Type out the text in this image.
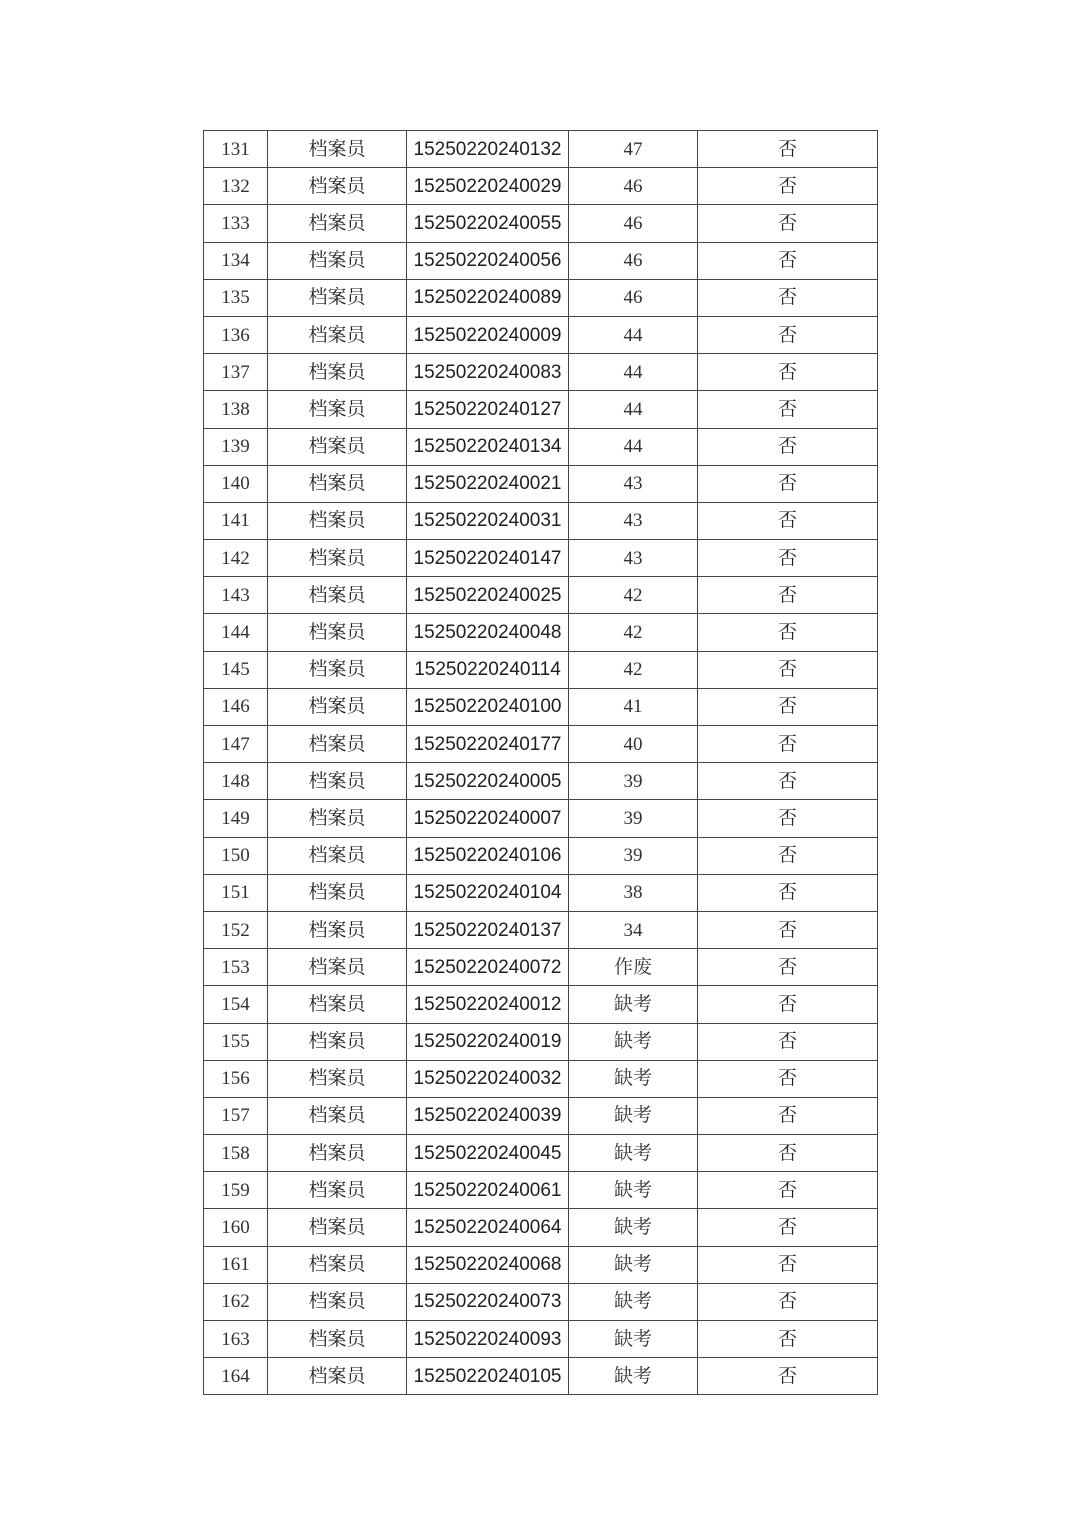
131	档案员	15250220240132	47	否
132	档案员	15250220240029	46	否
133	档案员	15250220240055	46	否
134	档案员	15250220240056	46	否
135	档案员	15250220240089	46	否
136	档案员	15250220240009	44	否
137	档案员	15250220240083	44	否
138	档案员	15250220240127	44	否
139	档案员	15250220240134	44	否
140	档案员	15250220240021	43	否
141	档案员	15250220240031	43	否
142	档案员	15250220240147	43	否
143	档案员	15250220240025	42	否
144	档案员	15250220240048	42	否
145	档案员	15250220240114	42	否
146	档案员	15250220240100	41	否
147	档案员	15250220240177	40	否
148	档案员	15250220240005	39	否
149	档案员	15250220240007	39	否
150	档案员	15250220240106	39	否
151	档案员	15250220240104	38	否
152	档案员	15250220240137	34	否
153	档案员	15250220240072	作废	否
154	档案员	15250220240012	缺考	否
155	档案员	15250220240019	缺考	否
156	档案员	15250220240032	缺考	否
157	档案员	15250220240039	缺考	否
158	档案员	15250220240045	缺考	否
159	档案员	15250220240061	缺考	否
160	档案员	15250220240064	缺考	否
161	档案员	15250220240068	缺考	否
162	档案员	15250220240073	缺考	否
163	档案员	15250220240093	缺考	否
164	档案员	15250220240105	缺考	否
